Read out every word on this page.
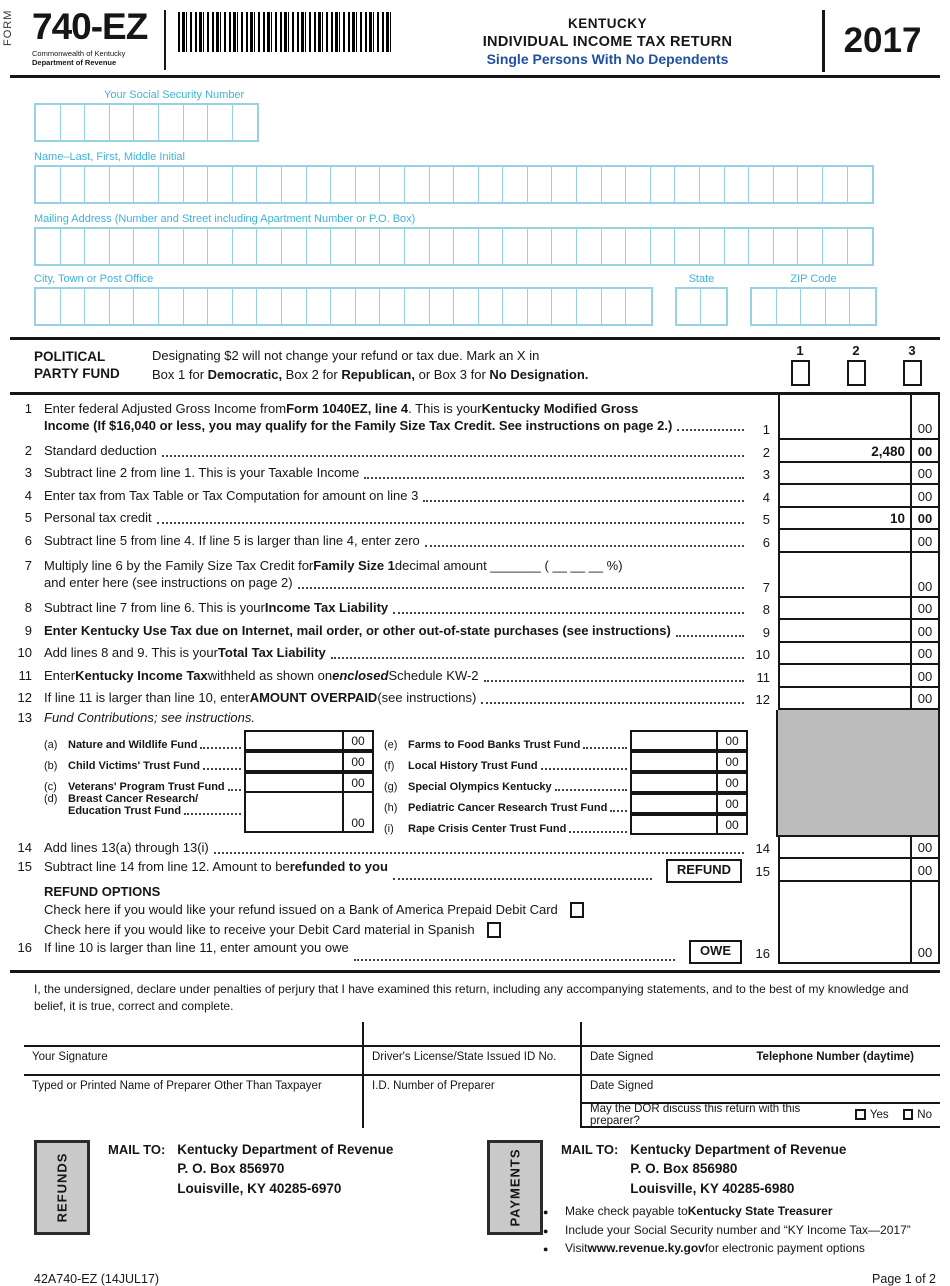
FORM 740-EZ
Commonwealth of Kentucky
Department of Revenue
KENTUCKY
INDIVIDUAL INCOME TAX RETURN
Single Persons With No Dependents	2017
Your Social Security Number
Name–Last, First, Middle Initial
Mailing Address (Number and Street including Apartment Number or P.O. Box)
City, Town or Post Office	State	ZIP Code
POLITICAL PARTY FUND
Designating $2 will not change your refund or tax due. Mark an X in
Box 1 for Democratic, Box 2 for Republican, or Box 3 for No Designation.
1	2	3
1 Enter federal Adjusted Gross Income from Form 1040EZ, line 4 . This is your Kentucky Modified Gross
Income (If $16,040 or less, you may qualify for the Family Size Tax Credit. See instructions on page 2.)	1	00
2 Standard deduction	2	2,480 00
3 Subtract line 2 from line 1. This is your Taxable Income	3	00
4 Enter tax from Tax Table or Tax Computation for amount on line 3	4	00
5 Personal tax credit	5	10 00
6 Subtract line 5 from line 4. If line 5 is larger than line 4, enter zero	6	00
7 Multiply line 6 by the Family Size Tax Credit for Family Size 1 decimal amount _______ ( __ __ __ %)
and enter here (see instructions on page 2)	7	00
8 Subtract line 7 from line 6. This is your Income Tax Liability	8	00
9 Enter Kentucky Use Tax due on Internet, mail order, or other out-of-state purchases (see instructions)	9	00
10 Add lines 8 and 9. This is your Total Tax Liability	10	00
11 Enter Kentucky Income Tax withheld as shown on enclosed Schedule KW-2	11	00
12 If line 11 is larger than line 10, enter AMOUNT OVERPAID (see instructions)	12	00
13 Fund Contributions; see instructions.
(a) Nature and Wildlife Fund	00
(b) Child Victims' Trust Fund	00
(c)	Veterans' Program Trust Fund	00
(d) Breast Cancer Research/
Education Trust Fund
00
(e) Farms to Food Banks Trust Fund	00
(f)	Local History Trust Fund	00
(g) Special Olympics Kentucky	00
(h) Pediatric Cancer Research Trust Fund	00
(i)	Rape Crisis Center Trust Fund	00
14 Add lines 13(a) through 13(i)	14	00
15 Subtract line 14 from line 12. Amount to be refunded to you	REFUND	15	00
REFUND OPTIONS
Check here if you would like your refund issued on a Bank of America Prepaid Debit Card
Check here if you would like to receive your Debit Card material in Spanish
16 If line 10 is larger than line 11, enter amount you owe	OWE	16	00
I, the undersigned, declare under penalties of perjury that I have examined this return, including any accompanying statements, and to the best of my knowledge and belief, it is true, correct and complete.
Your Signature
Typed or Printed Name of Preparer Other Than Taxpayer
Driver's License/State Issued ID No.
I.D. Number of Preparer
Date Signed	Telephone Number (daytime)
Date Signed
May the DOR discuss this return with this preparer?	Yes No
REFUNDS
MAIL TO: Kentucky Department of Revenue
P. O. Box 856970
Louisville, KY 40285-6970	PAYMENTS	MAIL TO: Kentucky Department of Revenue
P. O. Box 856980
Louisville, KY 40285-6980
●	Make check payable to Kentucky State Treasurer
●	Include your Social Security number and “KY Income Tax—2017”
●	Visit www.revenue.ky.gov for electronic payment options
42A740-EZ (14JUL17)	Page 1 of 2
